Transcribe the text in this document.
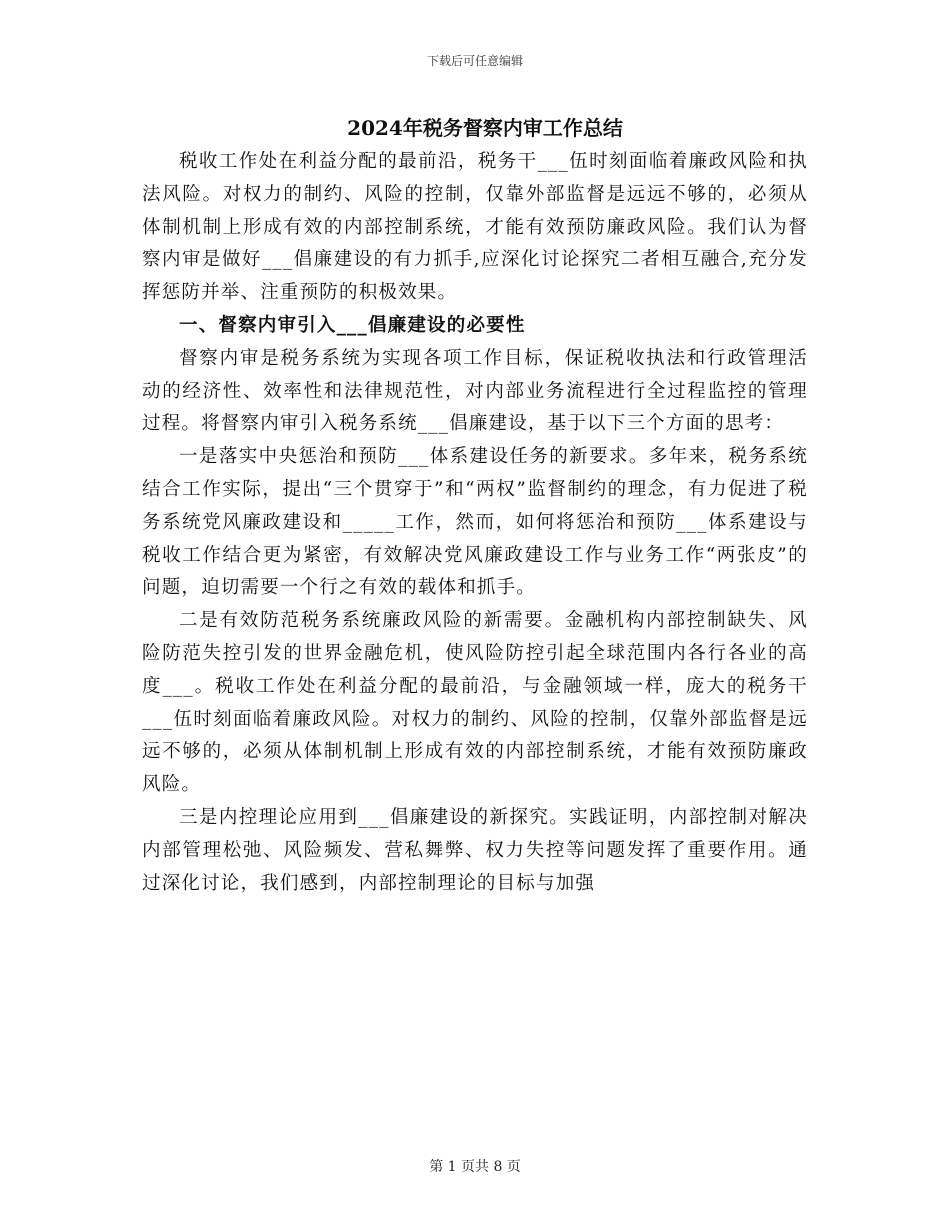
下载后可任意编辑

2024年税务督察内审工作总结

税收工作处在利益分配的最前沿，税务干___伍时刻面临着廉政风险和执法风险。对权力的制约、风险的控制，仅靠外部监督是远远不够的，必须从体制机制上形成有效的内部控制系统，才能有效预防廉政风险。我们认为督察内审是做好___倡廉建设的有力抓手,应深化讨论探究二者相互融合,充分发挥惩防并举、注重预防的积极效果。

一、督察内审引入___倡廉建设的必要性

督察内审是税务系统为实现各项工作目标，保证税收执法和行政管理活动的经济性、效率性和法律规范性，对内部业务流程进行全过程监控的管理过程。将督察内审引入税务系统___倡廉建设，基于以下三个方面的思考：

一是落实中央惩治和预防___体系建设任务的新要求。多年来，税务系统结合工作实际，提出“三个贯穿于”和“两权”监督制约的理念，有力促进了税务系统党风廉政建设和_____工作，然而，如何将惩治和预防___体系建设与税收工作结合更为紧密，有效解决党风廉政建设工作与业务工作“两张皮”的问题，迫切需要一个行之有效的载体和抓手。

二是有效防范税务系统廉政风险的新需要。金融机构内部控制缺失、风险防范失控引发的世界金融危机，使风险防控引起全球范围内各行各业的高度___。税收工作处在利益分配的最前沿，与金融领域一样，庞大的税务干___伍时刻面临着廉政风险。对权力的制约、风险的控制，仅靠外部监督是远远不够的，必须从体制机制上形成有效的内部控制系统，才能有效预防廉政风险。

三是内控理论应用到___倡廉建设的新探究。实践证明，内部控制对解决内部管理松弛、风险频发、营私舞弊、权力失控等问题发挥了重要作用。通过深化讨论，我们感到，内部控制理论的目标与加强

第 1 页共 8 页
